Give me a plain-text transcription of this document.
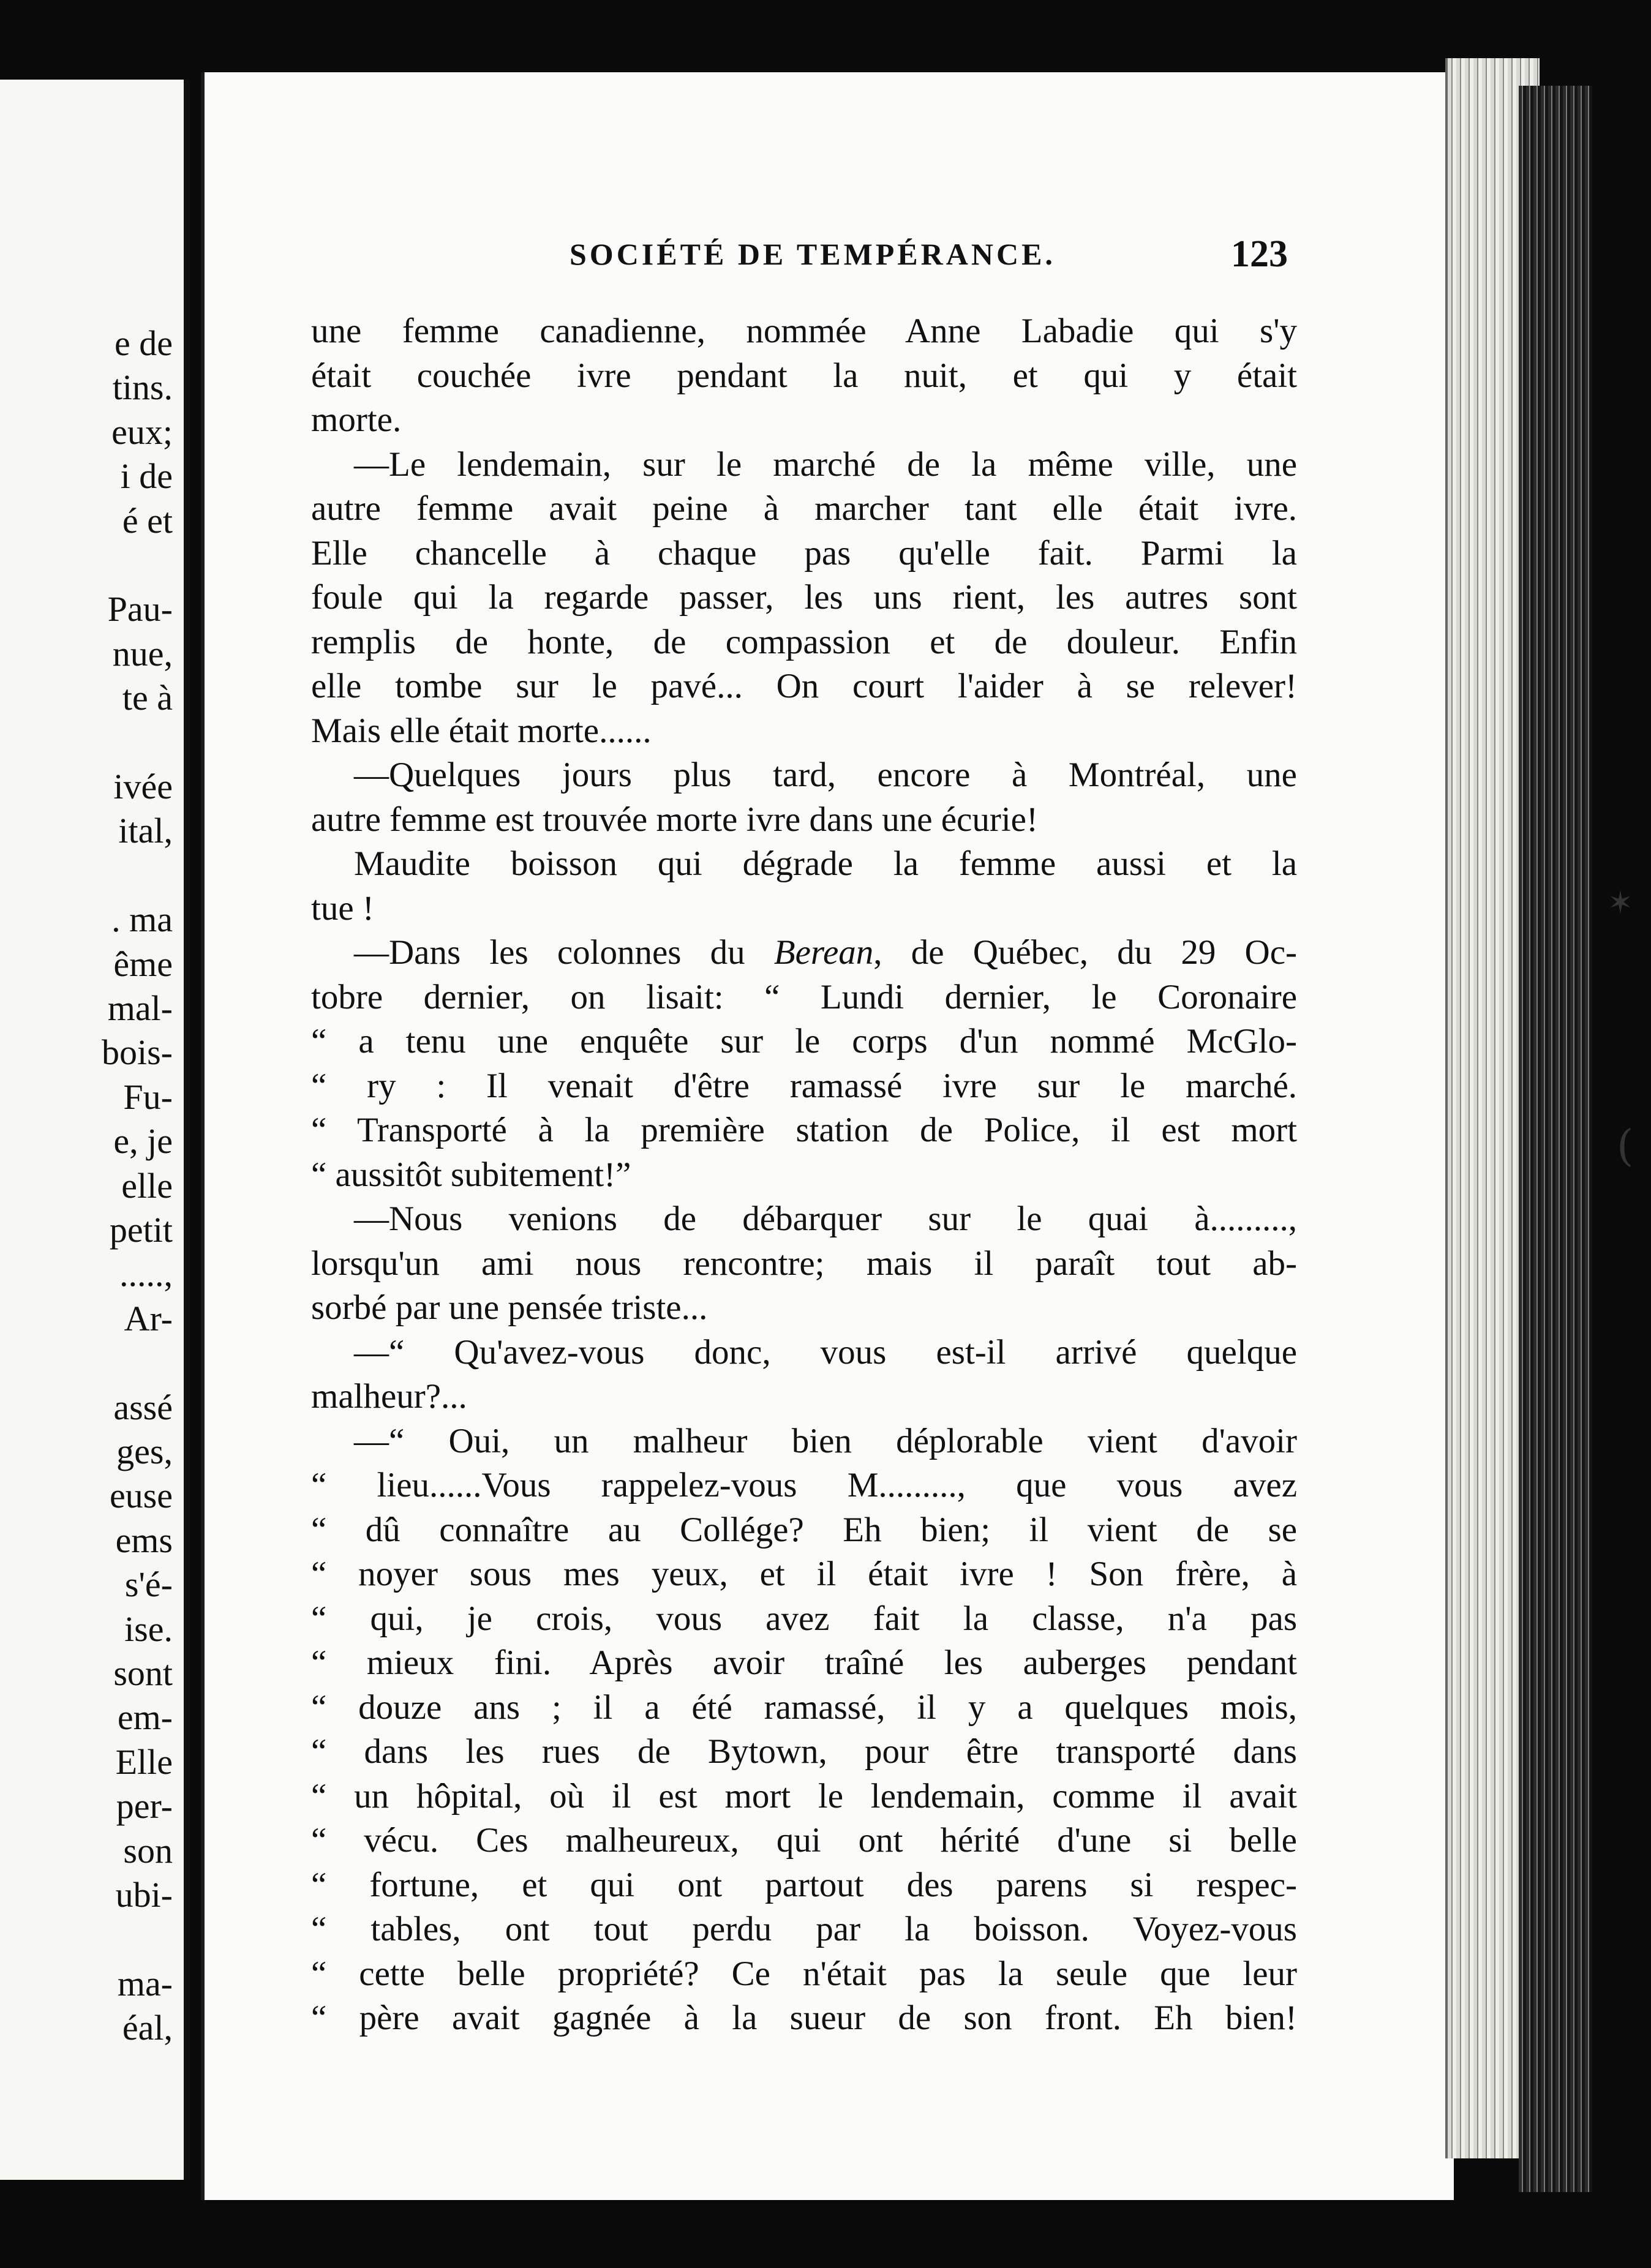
e de
tins.
eux;
i de
é et
Pau-
nue,
te à
ivée
ital,
. ma
ême
mal-
bois-
Fu-
e, je
elle
petit
.....,
Ar-
assé
ges,
euse
ems
s'é-
ise.
sont
em-
Elle
per-
son
ubi-
ma-
éal,
✶
(
SOCIÉTÉ DE TEMPÉRANCE.	123
une femme canadienne, nommée Anne Labadie qui s'y
était couchée ivre pendant la nuit, et qui y était
morte.
—Le lendemain, sur le marché de la même ville, une
autre femme avait peine à marcher tant elle était ivre.
Elle chancelle à chaque pas qu'elle fait. Parmi la
foule qui la regarde passer, les uns rient, les autres sont
remplis de honte, de compassion et de douleur. Enfin
elle tombe sur le pavé... On court l'aider à se relever!
Mais elle était morte......
—Quelques jours plus tard, encore à Montréal, une
autre femme est trouvée morte ivre dans une écurie!
Maudite boisson qui dégrade la femme aussi et la
tue !
—Dans les colonnes du Berean, de Québec, du 29 Oc-
tobre dernier, on lisait: “ Lundi dernier, le Coronaire
“ a tenu une enquête sur le corps d'un nommé McGlo-
“ ry : Il venait d'être ramassé ivre sur le marché.
“ Transporté à la première station de Police, il est mort
“ aussitôt subitement!”
—Nous venions de débarquer sur le quai à.........,
lorsqu'un ami nous rencontre; mais il paraît tout ab-
sorbé par une pensée triste...
—“ Qu'avez-vous donc, vous est-il arrivé quelque
malheur?...
—“ Oui, un malheur bien déplorable vient d'avoir
“ lieu......Vous rappelez-vous M........., que vous avez
“ dû connaître au Collége? Eh bien; il vient de se
“ noyer sous mes yeux, et il était ivre ! Son frère, à
“ qui, je crois, vous avez fait la classe, n'a pas
“ mieux fini. Après avoir traîné les auberges pendant
“ douze ans ; il a été ramassé, il y a quelques mois,
“ dans les rues de Bytown, pour être transporté dans
“ un hôpital, où il est mort le lendemain, comme il avait
“ vécu. Ces malheureux, qui ont hérité d'une si belle
“ fortune, et qui ont partout des parens si respec-
“ tables, ont tout perdu par la boisson. Voyez-vous
“ cette belle propriété? Ce n'était pas la seule que leur
“ père avait gagnée à la sueur de son front. Eh bien!
